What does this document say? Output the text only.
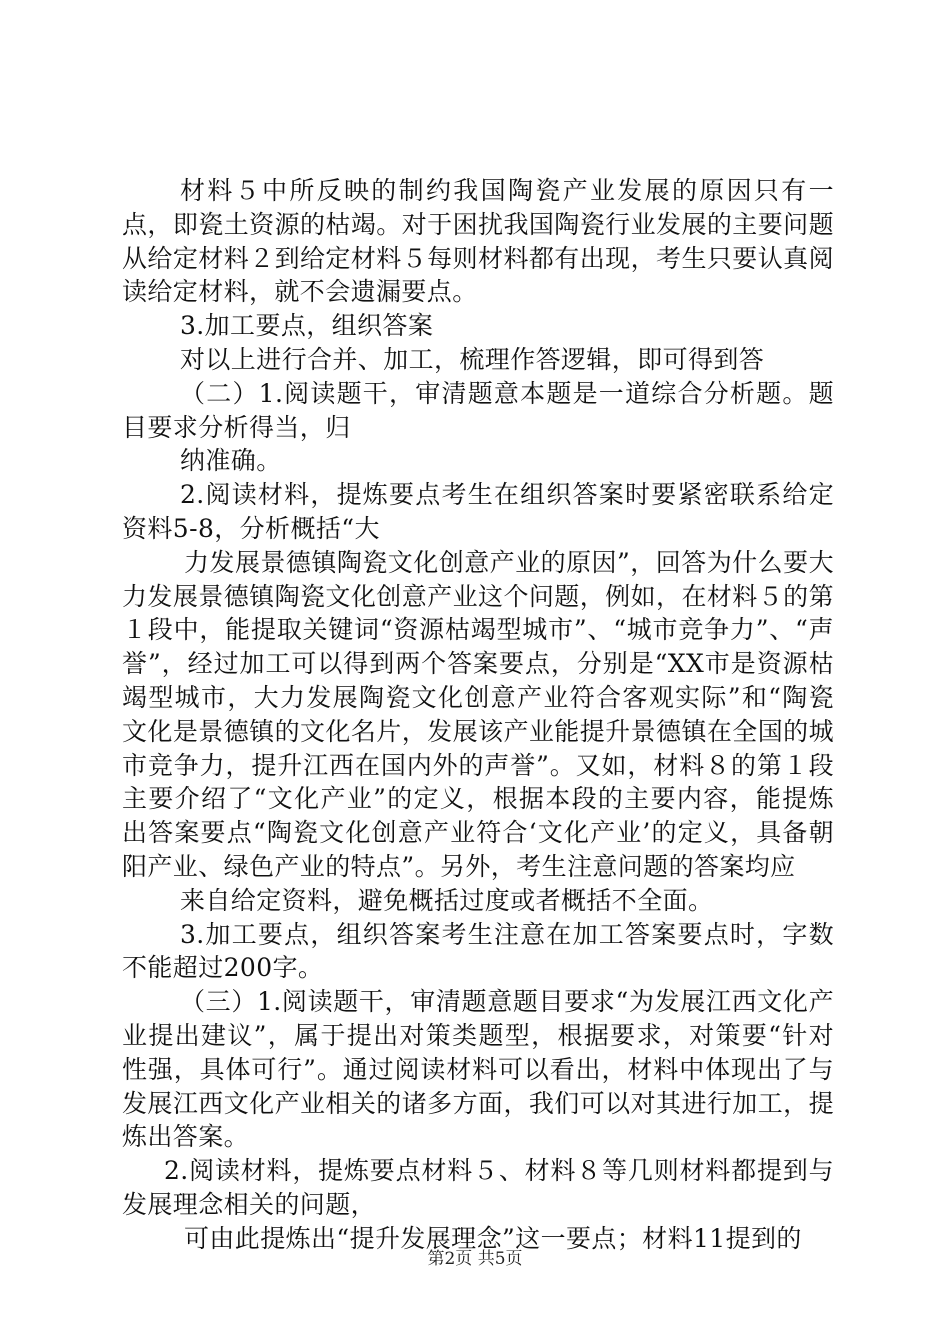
材料５中所反映的制约我国陶瓷产业发展的原因只有一点，即瓷土资源的枯竭。对于困扰我国陶瓷行业发展的主要问题从给定材料２到给定材料５每则材料都有出现，考生只要认真阅读给定材料，就不会遗漏要点。

3.加工要点，组织答案

对以上进行合并、加工，梳理作答逻辑，即可得到答

（二）1.阅读题干，审清题意本题是一道综合分析题。题目要求分析得当，归

纳准确。

2.阅读材料，提炼要点考生在组织答案时要紧密联系给定资料5-8，分析概括“大

力发展景德镇陶瓷文化创意产业的原因”，回答为什么要大力发展景德镇陶瓷文化创意产业这个问题，例如，在材料５的第１段中，能提取关键词“资源枯竭型城市”、“城市竞争力”、“声誉”，经过加工可以得到两个答案要点，分别是“XX市是资源枯竭型城市，大力发展陶瓷文化创意产业符合客观实际”和“陶瓷文化是景德镇的文化名片，发展该产业能提升景德镇在全国的城市竞争力，提升江西在国内外的声誉”。又如，材料８的第１段主要介绍了“文化产业”的定义，根据本段的主要内容，能提炼出答案要点“陶瓷文化创意产业符合‘文化产业’的定义，具备朝阳产业、绿色产业的特点”。另外，考生注意问题的答案均应

来自给定资料，避免概括过度或者概括不全面。

3.加工要点，组织答案考生注意在加工答案要点时，字数不能超过200字。

（三）1.阅读题干，审清题意题目要求“为发展江西文化产业提出建议”，属于提出对策类题型，根据要求，对策要“针对性强，具体可行”。通过阅读材料可以看出，材料中体现出了与发展江西文化产业相关的诸多方面，我们可以对其进行加工，提炼出答案。

2.阅读材料，提炼要点材料５、材料８等几则材料都提到与发展理念相关的问题，

可由此提炼出“提升发展理念”这一要点；材料11提到的

第2页 共5页
